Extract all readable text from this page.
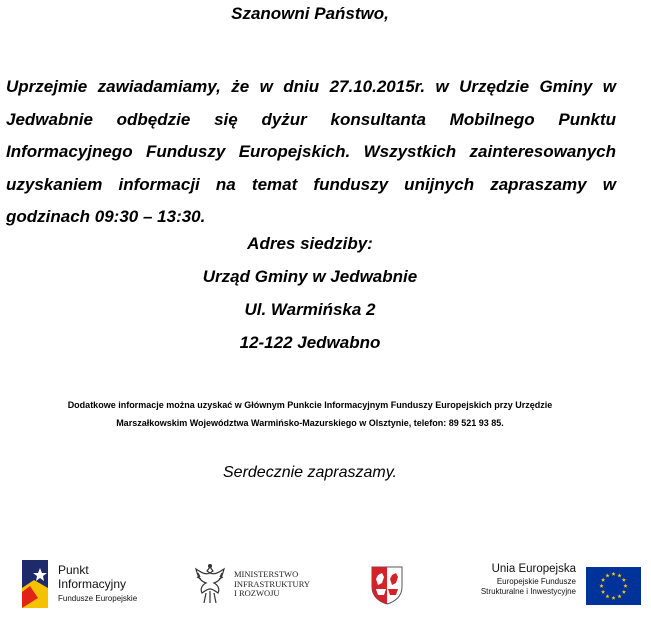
Szanowni Państwo,

Uprzejmie zawiadamiamy, że w dniu 27.10.2015r. w Urzędzie Gminy w Jedwabnie odbędzie się dyżur konsultanta Mobilnego Punktu Informacyjnego Funduszy Europejskich. Wszystkich zainteresowanych uzyskaniem informacji na temat funduszy unijnych zapraszamy w godzinach 09:30 – 13:30.

Adres siedziby:
Urząd Gminy w Jedwabnie
Ul. Warmińska 2
12-122 Jedwabno
Dodatkowe informacje można uzyskać w Głównym Punkcie Informacyjnym Funduszy Europejskich przy Urzędzie
Marszałkowskim Województwa Warmińsko-Mazurskiego w Olsztynie, telefon: 89 521 93 85.
Serdecznie zapraszamy.
Punkt
Informacyjny
Fundusze Europejskie
MINISTERSTWO
INFRASTRUKTURY
I ROZWOJU
Unia Europejska
Europejskie Fundusze
Strukturalne i Inwestycyjne
